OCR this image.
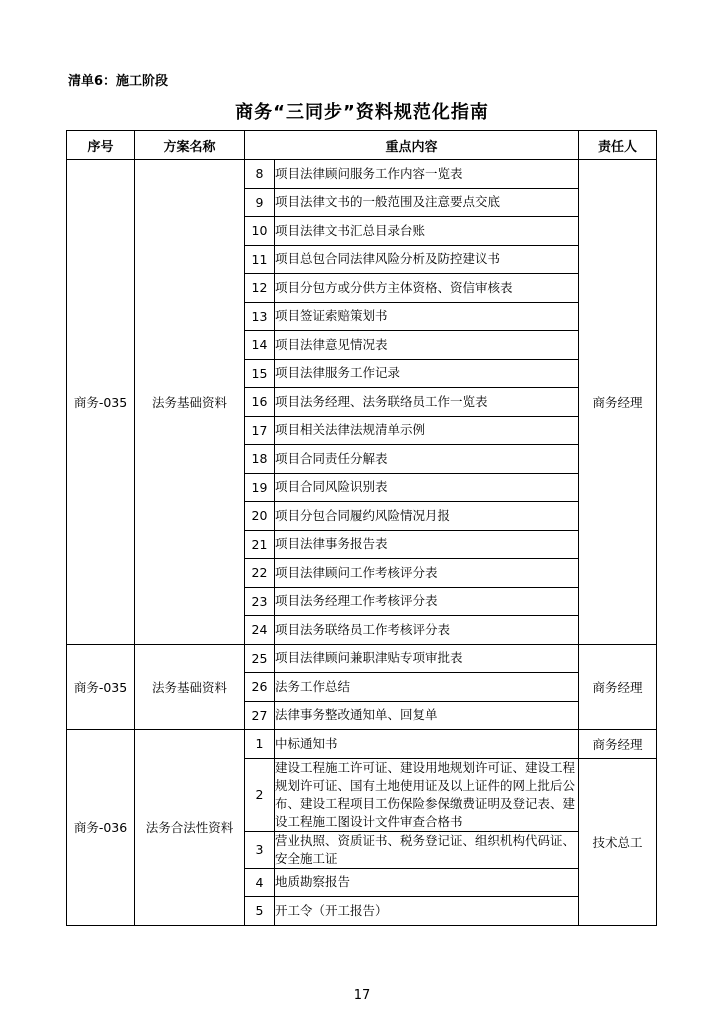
清单6：施工阶段
商务“三同步”资料规范化指南
序号	方案名称	重点内容		责任人
商务-035	法务基础资料	8	项目法律顾问服务工作内容一览表	商务经理
		9	项目法律文书的一般范围及注意要点交底	
		10	项目法律文书汇总目录台账	
		11	项目总包合同法律风险分析及防控建议书	
		12	项目分包方或分供方主体资格、资信审核表	
		13	项目签证索赔策划书	
		14	项目法律意见情况表	
		15	项目法律服务工作记录	
		16	项目法务经理、法务联络员工作一览表	
		17	项目相关法律法规清单示例	
		18	项目合同责任分解表	
		19	项目合同风险识别表	
		20	项目分包合同履约风险情况月报	
		21	项目法律事务报告表	
		22	项目法律顾问工作考核评分表	
		23	项目法务经理工作考核评分表	
		24	项目法务联络员工作考核评分表	
商务-035	法务基础资料	25	项目法律顾问兼职津贴专项审批表	商务经理
		26	法务工作总结	
		27	法律事务整改通知单、回复单	
商务-036	法务合法性资料	1	中标通知书	商务经理
		2	建设工程施工许可证、建设用地规划许可证、建设工程规划许可证、国有土地使用证及以上证件的网上批后公布、建设工程项目工伤保险参保缴费证明及登记表、建设工程施工图设计文件审查合格书	技术总工
		3	营业执照、资质证书、税务登记证、组织机构代码证、安全施工证	
		4	地质勘察报告	
		5	开工令（开工报告）	
17
